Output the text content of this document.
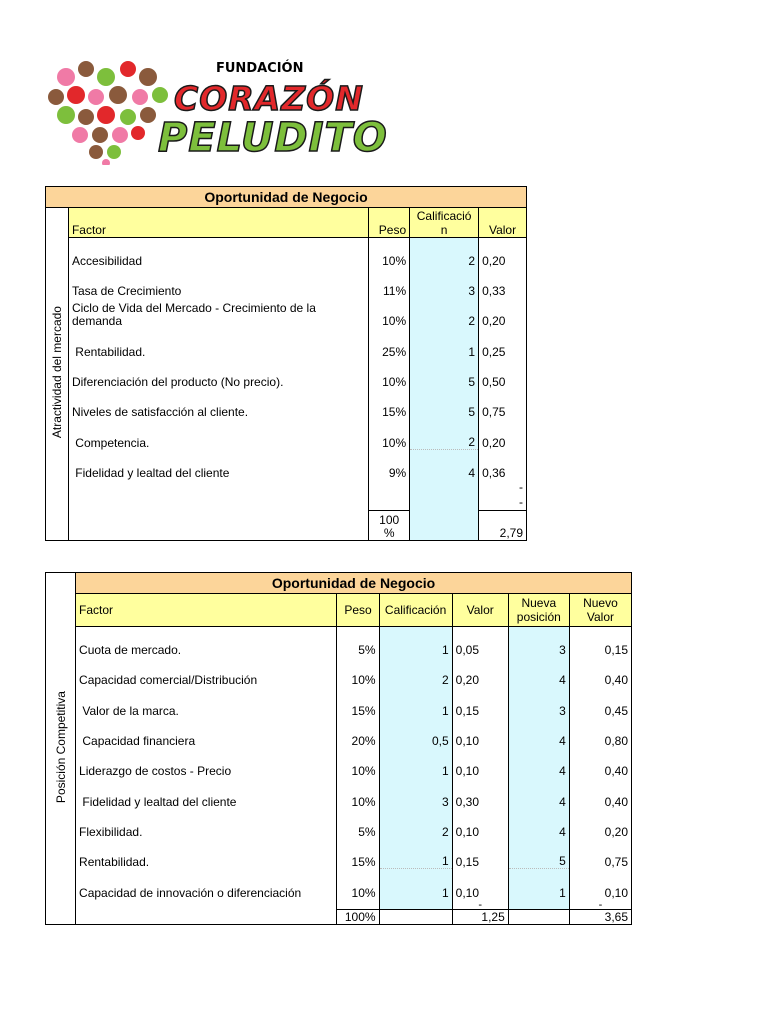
FUNDACIÓN
CORAZÓN
PELUDITO
Oportunidad de Negocio				
Atractividad del mercado	Factor	Peso	Calificació n	Valor
	Accesibilidad	10%	2	0,20
	Tasa de Crecimiento	11%	3	0,33
	Ciclo de Vida del Mercado - Crecimiento de la demanda	10%	2	0,20
	Rentabilidad.	25%	1	0,25
	Diferenciación del producto (No precio).	10%	5	0,50
	Niveles de satisfacción al cliente.	15%	5	0,75
	Competencia.	10%	2	0,20
	Fidelidad y lealtad del cliente	9%	4	0,36

				-
-

		100 %		2,79
Posición Competitiva	Oportunidad de Negocio					
	Factor	Peso	Calificación	Valor	Nueva posición	Nuevo Valor
	Cuota de mercado.	5%	1	0,05	3	0,15
	Capacidad comercial/Distribución	10%	2	0,20	4	0,40
	Valor de la marca.	15%	1	0,15	3	0,45
	Capacidad financiera	20%	0,5	0,10	4	0,80
	Liderazgo de costos - Precio	10%	1	0,10	4	0,40
	Fidelidad y lealtad del cliente	10%	3	0,30	4	0,40
	Flexibilidad.	5%	2	0,10	4	0,20
	Rentabilidad.	15%	1	0,15	5	0,75
	Capacidad de innovación o diferenciación	10%	1	0,10	1	0,10
				-		-
		100%		1,25		3,65
